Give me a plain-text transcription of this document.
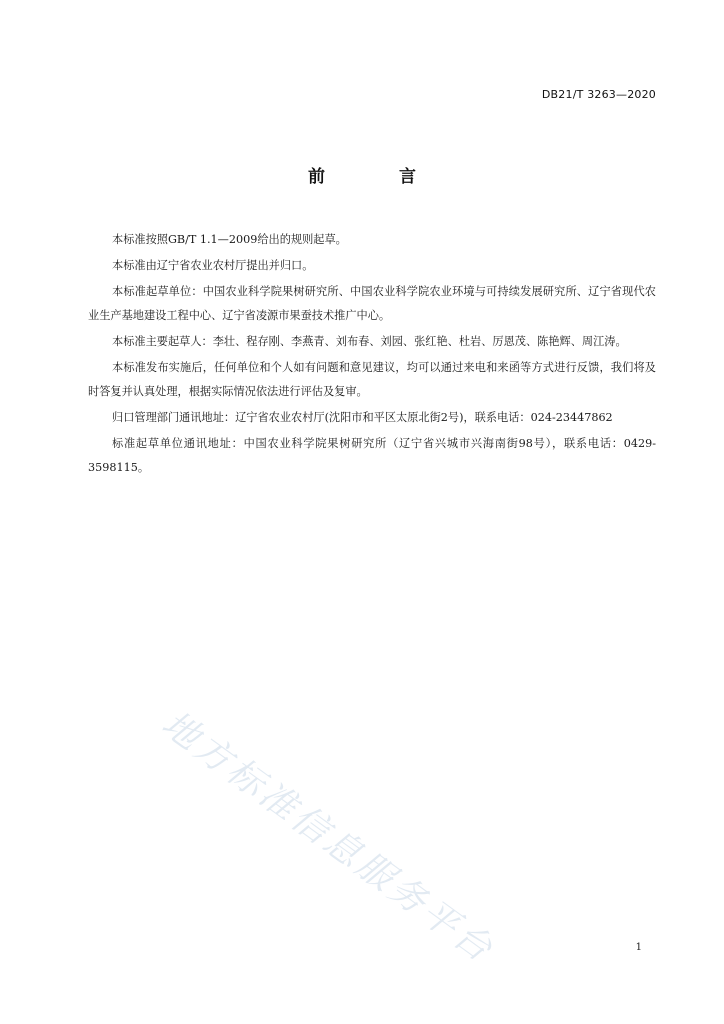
DB21/T 3263—2020
前 言

本标准按照GB/T 1.1—2009给出的规则起草。

本标准由辽宁省农业农村厅提出并归口。

本标准起草单位：中国农业科学院果树研究所、中国农业科学院农业环境与可持续发展研究所、辽宁省现代农业生产基地建设工程中心、辽宁省凌源市果蚕技术推广中心。

本标准主要起草人：李壮、程存刚、李燕青、刘布春、刘园、张红艳、杜岩、厉恩茂、陈艳辉、周江涛。

本标准发布实施后，任何单位和个人如有问题和意见建议，均可以通过来电和来函等方式进行反馈，我们将及时答复并认真处理，根据实际情况依法进行评估及复审。

归口管理部门通讯地址：辽宁省农业农村厅(沈阳市和平区太原北街2号)，联系电话：024-23447862

标准起草单位通讯地址：中国农业科学院果树研究所（辽宁省兴城市兴海南街98号），联系电话：0429-3598115。

地方标准信息服务平台	1
